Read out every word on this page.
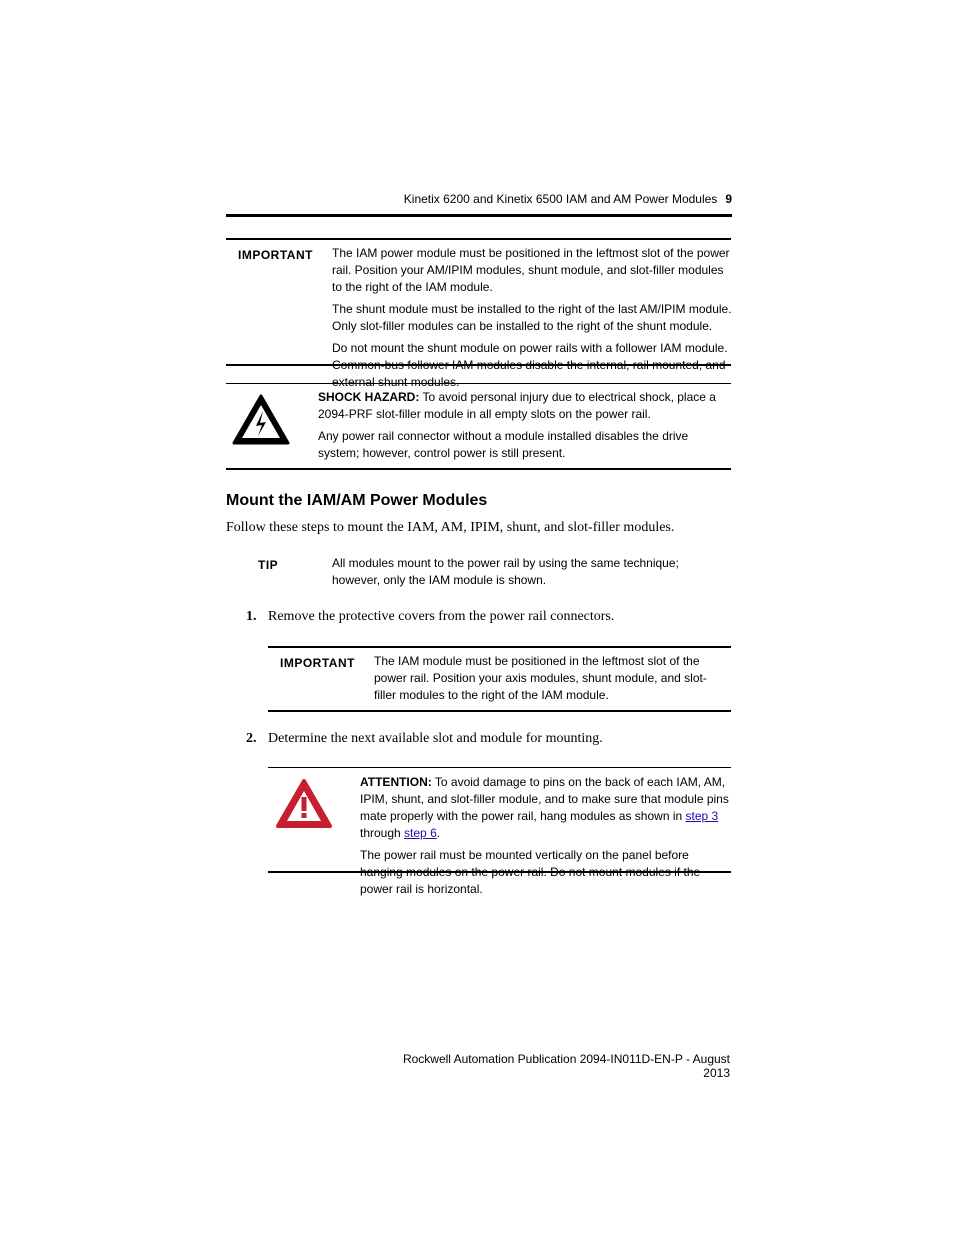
Kinetix 6200 and Kinetix 6500 IAM and AM Power Modules 9
IMPORTANT The IAM power module must be positioned in the leftmost slot of the power rail. Position your AM/IPIM modules, shunt module, and slot-filler modules to the right of the IAM module.

The shunt module must be installed to the right of the last AM/IPIM module. Only slot-filler modules can be installed to the right of the shunt module.

Do not mount the shunt module on power rails with a follower IAM module. Common-bus follower IAM modules disable the internal, rail mounted, and external shunt modules.

SHOCK HAZARD: To avoid personal injury due to electrical shock, place a 2094-PRF slot-filler module in all empty slots on the power rail.

Any power rail connector without a module installed disables the drive system; however, control power is still present.

Mount the IAM/AM Power Modules
Follow these steps to mount the IAM, AM, IPIM, shunt, and slot-filler modules.
TIP	All modules mount to the power rail by using the same technique; however, only the IAM module is shown.
1. Remove the protective covers from the power rail connectors.
IMPORTANT The IAM module must be positioned in the leftmost slot of the power rail. Position your axis modules, shunt module, and slot-filler modules to the right of the IAM module.
2. Determine the next available slot and module for mounting.

ATTENTION: To avoid damage to pins on the back of each IAM, AM, IPIM, shunt, and slot-filler module, and to make sure that module pins mate properly with the power rail, hang modules as shown in step 3 through step 6.

The power rail must be mounted vertically on the panel before hanging modules on the power rail. Do not mount modules if the power rail is horizontal.

Rockwell Automation Publication 2094-IN011D-EN-P - August 2013
